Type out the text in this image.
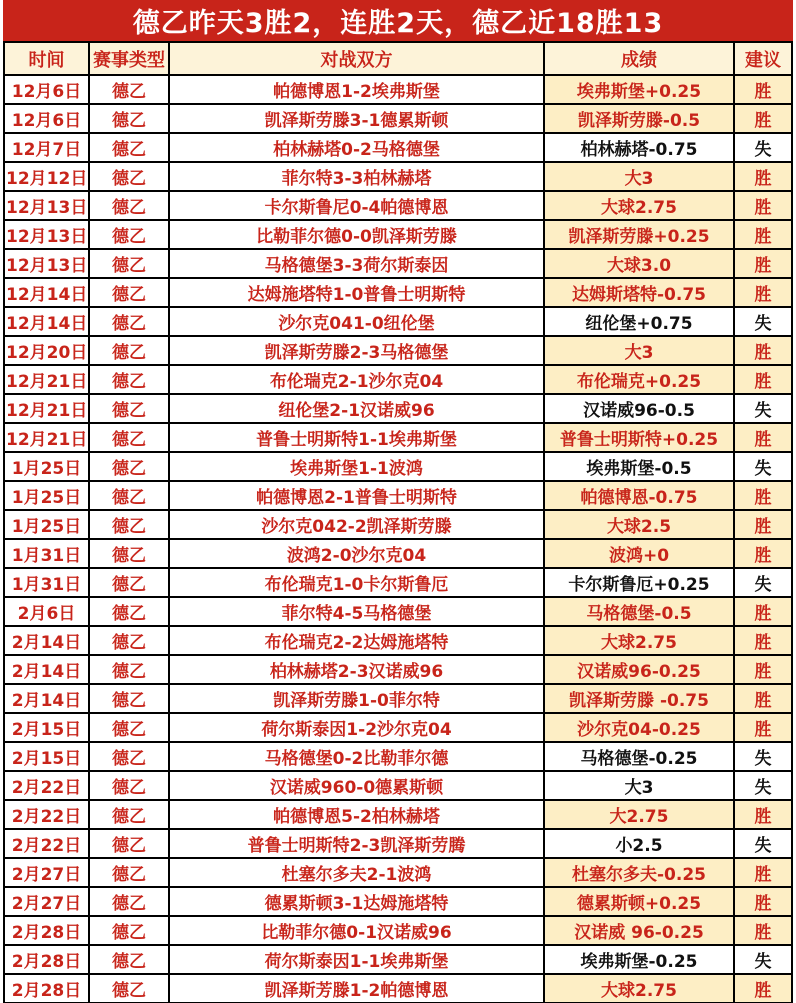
德乙昨天3胜2，连胜2天，德乙近18胜13
时间	赛事类型	对战双方	成绩	建议
12月6日	德乙	帕德博恩1-2埃弗斯堡	埃弗斯堡+0.25	胜
12月6日	德乙	凯泽斯劳滕3-1德累斯顿	凯泽斯劳滕-0.5	胜
12月7日	德乙	柏林赫塔0-2马格德堡	柏林赫塔-0.75	失
12月12日	德乙	菲尔特3-3柏林赫塔	大3	胜
12月13日	德乙	卡尔斯鲁尼0-4帕德博恩	大球2.75	胜
12月13日	德乙	比勒菲尔德0-0凯泽斯劳滕	凯泽斯劳滕+0.25	胜
12月13日	德乙	马格德堡3-3荷尔斯泰因	大球3.0	胜
12月14日	德乙	达姆施塔特1-0普鲁士明斯特	达姆斯塔特-0.75	胜
12月14日	德乙	沙尔克041-0纽伦堡	纽伦堡+0.75	失
12月20日	德乙	凯泽斯劳滕2-3马格德堡	大3	胜
12月21日	德乙	布伦瑞克2-1沙尔克04	布伦瑞克+0.25	胜
12月21日	德乙	纽伦堡2-1汉诺威96	汉诺威96-0.5	失
12月21日	德乙	普鲁士明斯特1-1埃弗斯堡	普鲁士明斯特+0.25	胜
1月25日	德乙	埃弗斯堡1-1波鸿	埃弗斯堡-0.5	失
1月25日	德乙	帕德博恩2-1普鲁士明斯特	帕德博恩-0.75	胜
1月25日	德乙	沙尔克042-2凯泽斯劳滕	大球2.5	胜
1月31日	德乙	波鸿2-0沙尔克04	波鸿+0	胜
1月31日	德乙	布伦瑞克1-0卡尔斯鲁厄	卡尔斯鲁厄+0.25	失
2月6日	德乙	菲尔特4-5马格德堡	马格德堡-0.5	胜
2月14日	德乙	布伦瑞克2-2达姆施塔特	大球2.75	胜
2月14日	德乙	柏林赫塔2-3汉诺威96	汉诺威96-0.25	胜
2月14日	德乙	凯泽斯劳滕1-0菲尔特	凯泽斯劳滕 -0.75	胜
2月15日	德乙	荷尔斯泰因1-2沙尔克04	沙尔克04-0.25	胜
2月15日	德乙	马格德堡0-2比勒菲尔德	马格德堡-0.25	失
2月22日	德乙	汉诺威960-0德累斯顿	大3	失
2月22日	德乙	帕德博恩5-2柏林赫塔	大2.75	胜
2月22日	德乙	普鲁士明斯特2-3凯泽斯劳腾	小2.5	失
2月27日	德乙	杜塞尔多夫2-1波鸿	杜塞尔多夫-0.25	胜
2月27日	德乙	德累斯顿3-1达姆施塔特	德累斯顿+0.25	胜
2月28日	德乙	比勒菲尔德0-1汉诺威96	汉诺威 96-0.25	胜
2月28日	德乙	荷尔斯泰因1-1埃弗斯堡	埃弗斯堡-0.25	失
2月28日	德乙	凯泽斯芳滕1-2帕德博恩	大球2.75	胜
